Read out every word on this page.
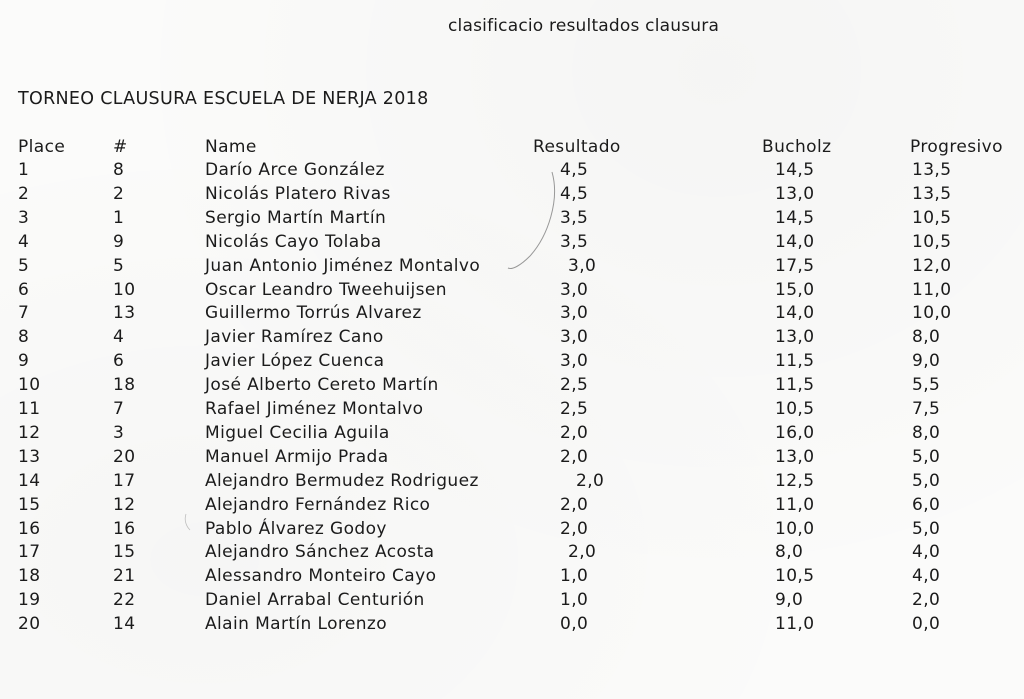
clasificacio resultados clausura
TORNEO CLAUSURA ESCUELA DE NERJA 2018
Place	#	Name	Resultado	Bucholz	Progresivo
1	8	Darío Arce González	4,5	14,5	13,5
2	2	Nicolás Platero Rivas	4,5	13,0	13,5
3	1	Sergio Martín Martín	3,5	14,5	10,5
4	9	Nicolás Cayo Tolaba	3,5	14,0	10,5
5	5	Juan Antonio Jiménez Montalvo	3,0	17,5	12,0
6	10	Oscar Leandro Tweehuijsen	3,0	15,0	11,0
7	13	Guillermo Torrús Alvarez	3,0	14,0	10,0
8	4	Javier Ramírez Cano	3,0	13,0	8,0
9	6	Javier López Cuenca	3,0	11,5	9,0
10	18	José Alberto Cereto Martín	2,5	11,5	5,5
11	7	Rafael Jiménez Montalvo	2,5	10,5	7,5
12	3	Miguel Cecilia Aguila	2,0	16,0	8,0
13	20	Manuel Armijo Prada	2,0	13,0	5,0
14	17	Alejandro Bermudez Rodriguez	2,0	12,5	5,0
15	12	Alejandro Fernández Rico	2,0	11,0	6,0
16	16	Pablo Álvarez Godoy	2,0	10,0	5,0
17	15	Alejandro Sánchez Acosta	2,0	8,0	4,0
18	21	Alessandro Monteiro Cayo	1,0	10,5	4,0
19	22	Daniel Arrabal Centurión	1,0	9,0	2,0
20	14	Alain Martín Lorenzo	0,0	11,0	0,0
